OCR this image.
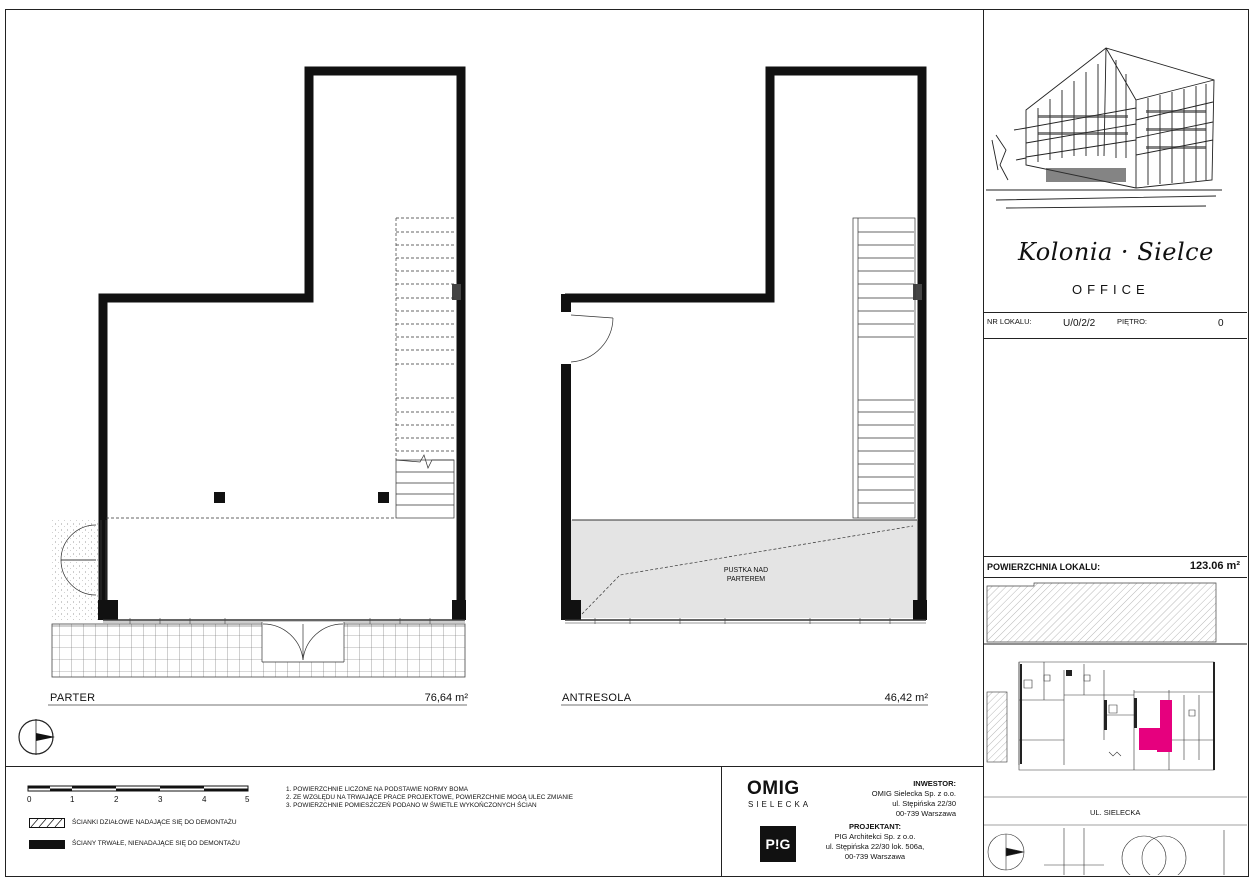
PARTER	76,64 m²	ANTRESOLA	46,42 m²
PUSTKA NAD
PARTEREM
0	1	2	3	4	5
ŚCIANKI DZIAŁOWE NADAJĄCE SIĘ DO DEMONTAŻU
ŚCIANY TRWAŁE, NIENADAJĄCE SIĘ DO DEMONTAŻU
1. POWIERZCHNIE LICZONE NA PODSTAWIE NORMY BOMA
2. ZE WZGLĘDU NA TRWAJĄCE PRACE PROJEKTOWE, POWIERZCHNIE MOGĄ ULEC ZMIANIE
3. POWIERZCHNIE POMIESZCZEŃ PODANO W ŚWIETLE WYKOŃCZONYCH ŚCIAN
OMIG
SIELECKA
P!G
INWESTOR:
OMIG Sielecka Sp. z o.o.
ul. Stępińska 22/30
00-739 Warszawa
PROJEKTANT:
PIG Architekci Sp. z o.o.
ul. Stępińska 22/30 lok. 506a,
00-739 Warszawa
Kolonia · Sielce
OFFICE
NR LOKALU:	U/0/2/2	PIĘTRO:	0
POWIERZCHNIA LOKALU:	123.06 m²
UL. SIELECKA
